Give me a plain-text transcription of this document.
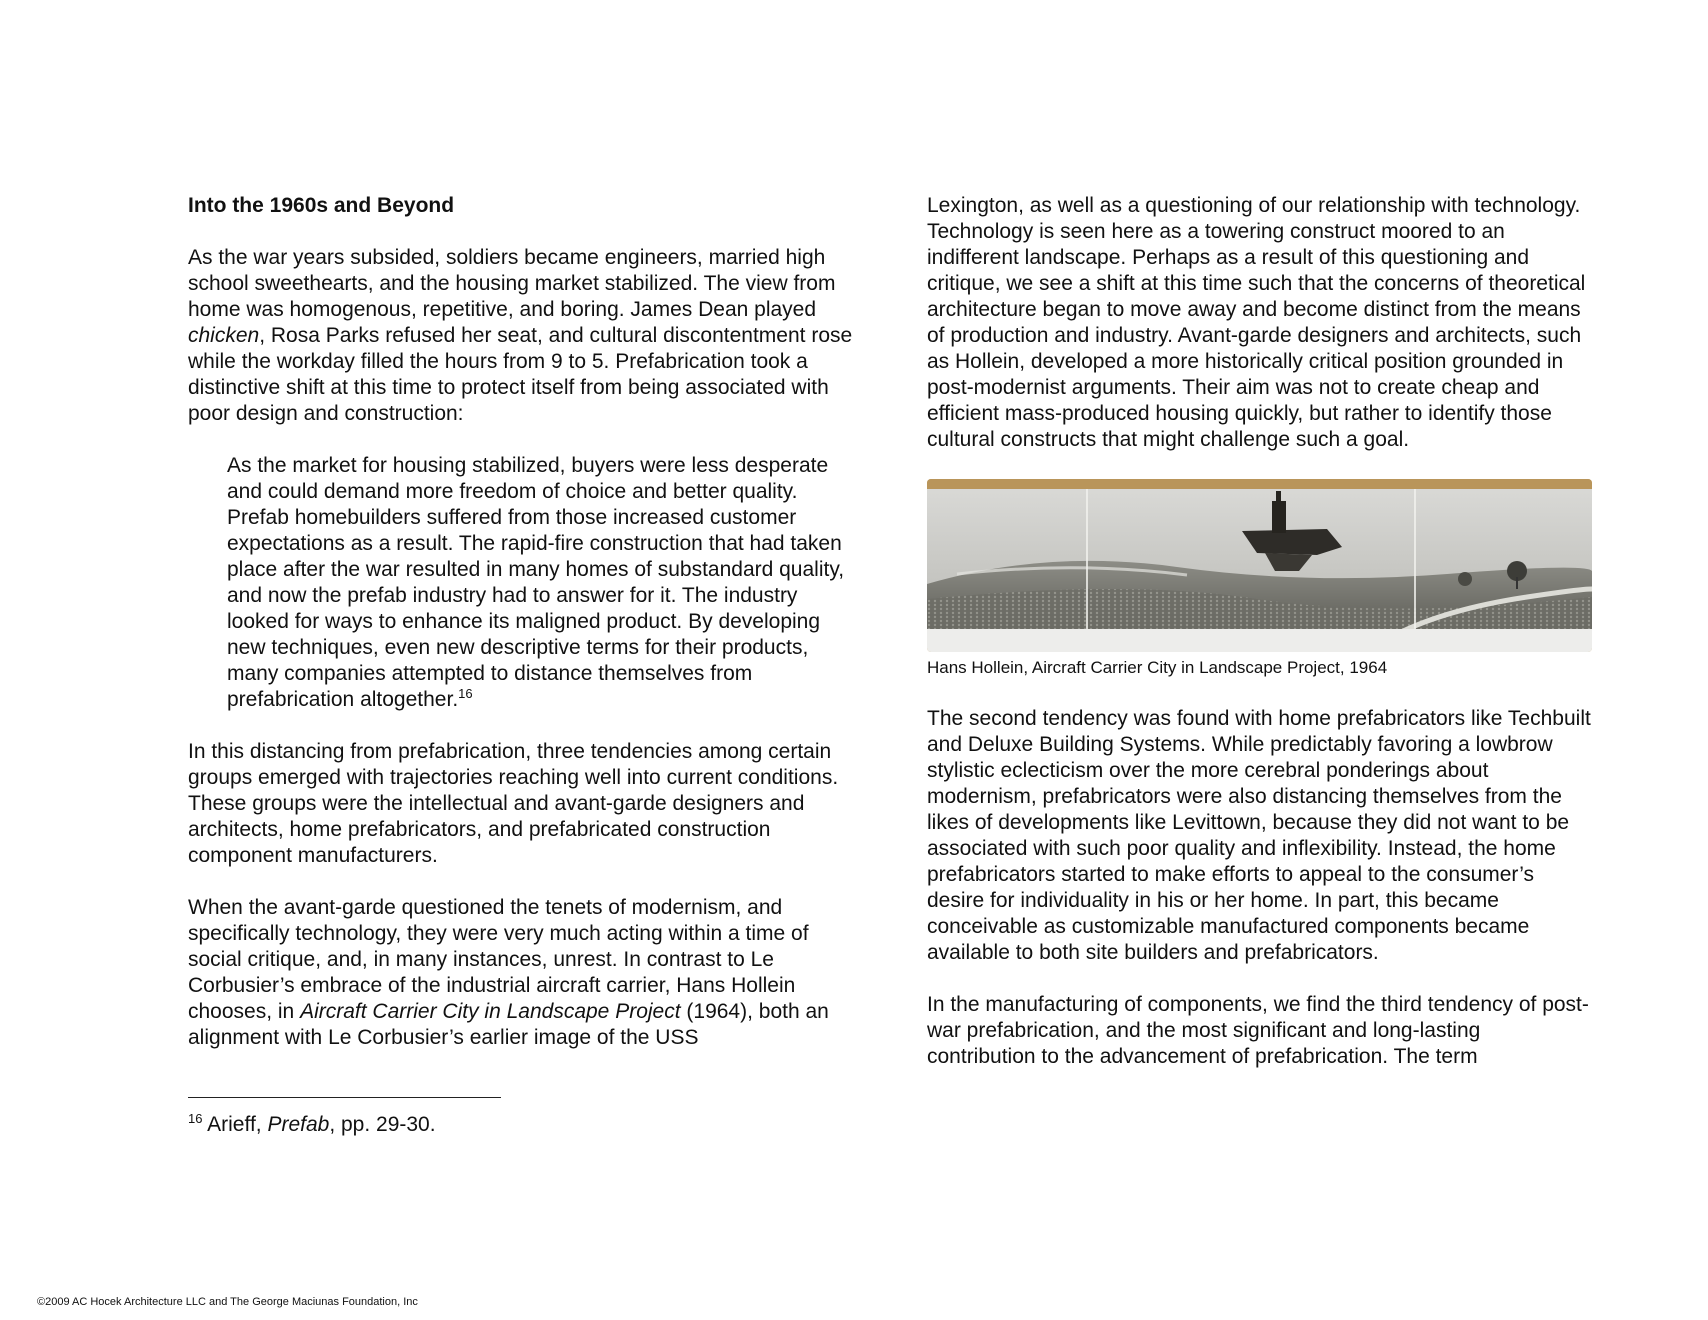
Into the 1960s and Beyond

As the war years subsided, soldiers became engineers, married high school sweethearts, and the housing market stabilized. The view from home was homogenous, repetitive, and boring. James Dean played chicken, Rosa Parks refused her seat, and cultural discontentment rose while the workday filled the hours from 9 to 5. Prefabrication took a distinctive shift at this time to protect itself from being associated with poor design and construction:

As the market for housing stabilized, buyers were less desperate and could demand more freedom of choice and better quality. Prefab homebuilders suffered from those increased customer expectations as a result. The rapid-fire construction that had taken place after the war resulted in many homes of substandard quality, and now the prefab industry had to answer for it. The industry looked for ways to enhance its maligned product. By developing new techniques, even new descriptive terms for their products, many companies attempted to distance themselves from prefabrication altogether.$^{16}$

In this distancing from prefabrication, three tendencies among certain groups emerged with trajectories reaching well into current conditions. These groups were the intellectual and avant-garde designers and architects, home prefabricators, and prefabricated construction component manufacturers.

When the avant-garde questioned the tenets of modernism, and specifically technology, they were very much acting within a time of social critique, and, in many instances, unrest. In contrast to Le Corbusier’s embrace of the industrial aircraft carrier, Hans Hollein chooses, in Aircraft Carrier City in Landscape Project (1964), both an alignment with Le Corbusier’s earlier image of the USS

$^{16}$ Arieff, Prefab, pp. 29-30.

Lexington, as well as a questioning of our relationship with technology. Technology is seen here as a towering construct moored to an indifferent landscape. Perhaps as a result of this questioning and critique, we see a shift at this time such that the concerns of theoretical architecture began to move away and become distinct from the means of production and industry. Avant-garde designers and architects, such as Hollein, developed a more historically critical position grounded in post-modernist arguments. Their aim was not to create cheap and efficient mass-produced housing quickly, but rather to identify those cultural constructs that might challenge such a goal.

Hans Hollein, Aircraft Carrier City in Landscape Project, 1964

The second tendency was found with home prefabricators like Techbuilt and Deluxe Building Systems. While predictably favoring a lowbrow stylistic eclecticism over the more cerebral ponderings about modernism, prefabricators were also distancing themselves from the likes of developments like Levittown, because they did not want to be associated with such poor quality and inflexibility. Instead, the home prefabricators started to make efforts to appeal to the consumer’s desire for individuality in his or her home. In part, this became conceivable as customizable manufactured components became available to both site builders and prefabricators.

In the manufacturing of components, we find the third tendency of post-war prefabrication, and the most significant and long-lasting contribution to the advancement of prefabrication. The term

©2009 AC Hocek Architecture LLC and The George Maciunas Foundation, Inc
